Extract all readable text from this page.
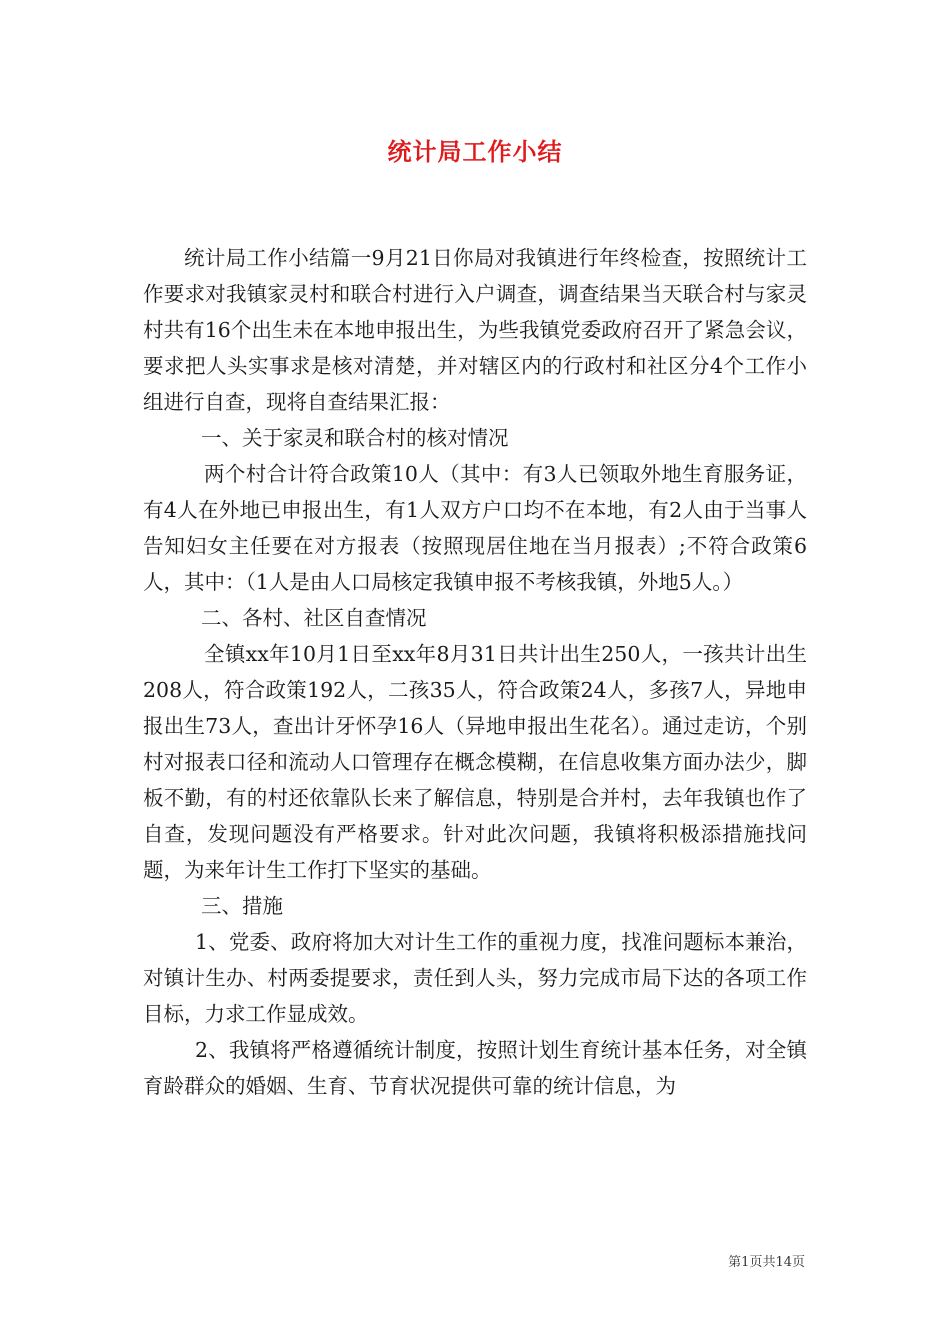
统计局工作小结

统计局工作小结篇一9月21日你局对我镇进行年终检查，按照统计工作要求对我镇家灵村和联合村进行入户调查，调查结果当天联合村与家灵村共有16个出生未在本地申报出生，为些我镇党委政府召开了紧急会议，要求把人头实事求是核对清楚，并对辖区内的行政村和社区分4个工作小组进行自查，现将自查结果汇报：

一、关于家灵和联合村的核对情况

两个村合计符合政策10人（其中：有3人已领取外地生育服务证，有4人在外地已申报出生，有1人双方户口均不在本地，有2人由于当事人告知妇女主任要在对方报表（按照现居住地在当月报表）;不符合政策6人，其中：（1人是由人口局核定我镇申报不考核我镇，外地5人。）

二、各村、社区自查情况

全镇xx年10月1日至xx年8月31日共计出生250人，一孩共计出生208人，符合政策192人，二孩35人，符合政策24人，多孩7人，异地申报出生73人，查出计牙怀孕16人（异地申报出生花名）。通过走访，个别村对报表口径和流动人口管理存在概念模糊，在信息收集方面办法少，脚板不勤，有的村还依靠队长来了解信息，特别是合并村，去年我镇也作了自查，发现问题没有严格要求。针对此次问题，我镇将积极添措施找问题，为来年计生工作打下坚实的基础。

三、措施

1、党委、政府将加大对计生工作的重视力度，找准问题标本兼治，对镇计生办、村两委提要求，责任到人头，努力完成市局下达的各项工作目标，力求工作显成效。

2、我镇将严格遵循统计制度，按照计划生育统计基本任务，对全镇育龄群众的婚姻、生育、节育状况提供可靠的统计信息，为

第1页共14页
